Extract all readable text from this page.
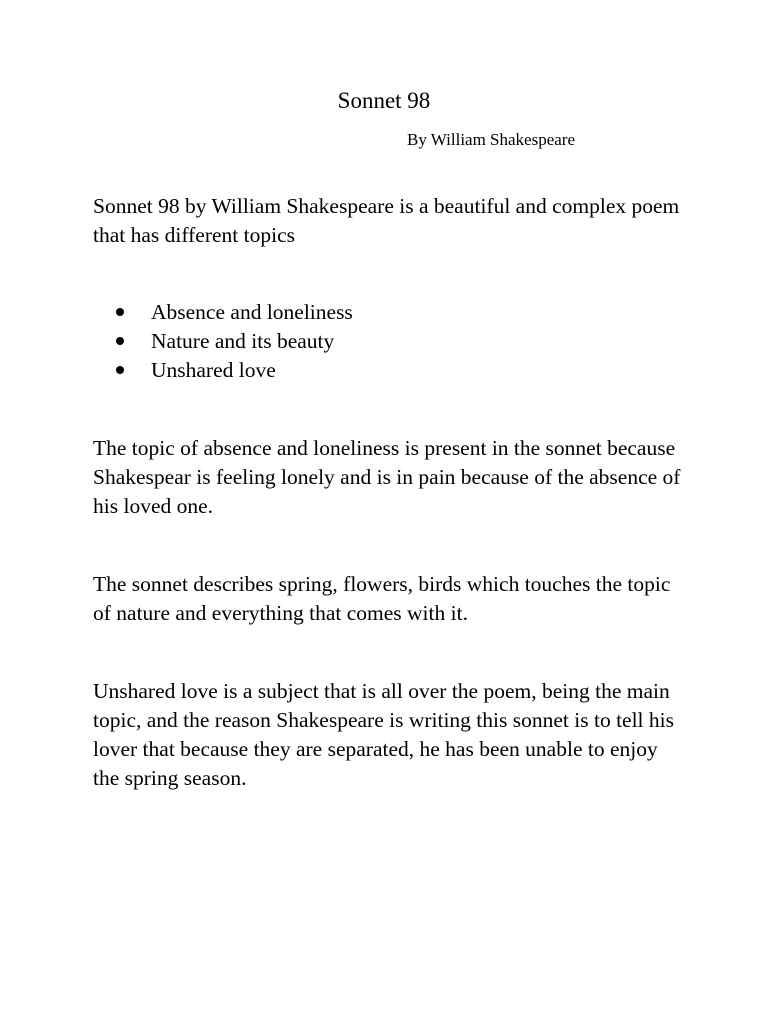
Sonnet 98

By William Shakespeare

Sonnet 98 by William Shakespeare is a beautiful and complex poem that has different topics

Absence and loneliness
Nature and its beauty
Unshared love

The topic of absence and loneliness is present in the sonnet because Shakespear is feeling lonely and is in pain because of the absence of his loved one.

The sonnet describes spring, flowers, birds which touches the topic of nature and everything that comes with it.

Unshared love is a subject that is all over the poem, being the main topic, and the reason Shakespeare is writing this sonnet is to tell his lover that because they are separated, he has been unable to enjoy the spring season.
